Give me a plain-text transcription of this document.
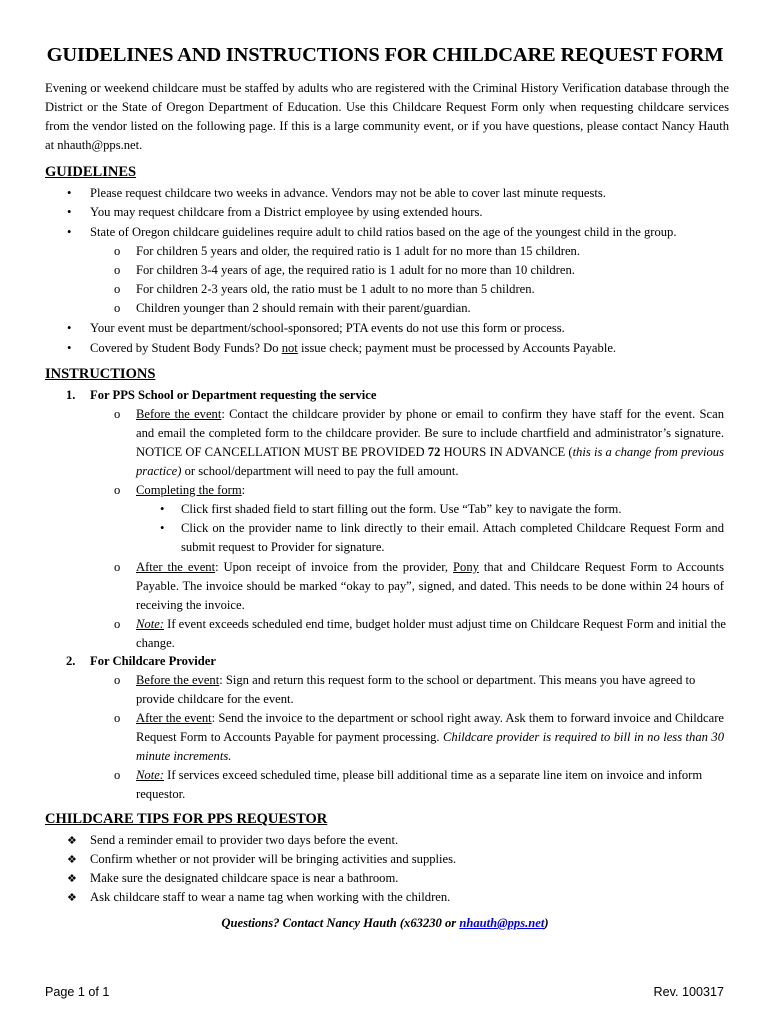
GUIDELINES AND INSTRUCTIONS FOR CHILDCARE REQUEST FORM

Evening or weekend childcare must be staffed by adults who are registered with the Criminal History Verification database through the District or the State of Oregon Department of Education. Use this Childcare Request Form only when requesting childcare services from the vendor listed on the following page. If this is a large community event, or if you have questions, please contact Nancy Hauth at nhauth@pps.net.

GUIDELINES
• Please request childcare two weeks in advance. Vendors may not be able to cover last minute requests.
• You may request childcare from a District employee by using extended hours.
• State of Oregon childcare guidelines require adult to child ratios based on the age of the youngest child in the group.
o For children 5 years and older, the required ratio is 1 adult for no more than 15 children.
o For children 3-4 years of age, the required ratio is 1 adult for no more than 10 children.
o For children 2-3 years old, the ratio must be 1 adult to no more than 5 children.
o Children younger than 2 should remain with their parent/guardian.
• Your event must be department/school-sponsored; PTA events do not use this form or process.
• Covered by Student Body Funds? Do not issue check; payment must be processed by Accounts Payable.
INSTRUCTIONS
1. For PPS School or Department requesting the service
o Before the event: Contact the childcare provider by phone or email to confirm they have staff for the event. Scan and email the completed form to the childcare provider. Be sure to include chartfield and administrator’s signature. NOTICE OF CANCELLATION MUST BE PROVIDED 72 HOURS IN ADVANCE (this is a change from previous practice) or school/department will need to pay the full amount.
o Completing the form:
• Click first shaded field to start filling out the form. Use “Tab” key to navigate the form.
• Click on the provider name to link directly to their email. Attach completed Childcare Request Form and submit request to Provider for signature.
o After the event: Upon receipt of invoice from the provider, Pony that and Childcare Request Form to Accounts Payable. The invoice should be marked “okay to pay”, signed, and dated. This needs to be done within 24 hours of receiving the invoice.
o Note: If event exceeds scheduled end time, budget holder must adjust time on Childcare Request Form and initial the change.
2. For Childcare Provider
o Before the event: Sign and return this request form to the school or department. This means you have agreed to provide childcare for the event.
o After the event: Send the invoice to the department or school right away. Ask them to forward invoice and Childcare Request Form to Accounts Payable for payment processing. Childcare provider is required to bill in no less than 30 minute increments.
o Note: If services exceed scheduled time, please bill additional time as a separate line item on invoice and inform requestor.
CHILDCARE TIPS FOR PPS REQUESTOR
❖ Send a reminder email to provider two days before the event.
❖ Confirm whether or not provider will be bringing activities and supplies.
❖ Make sure the designated childcare space is near a bathroom.
❖ Ask childcare staff to wear a name tag when working with the children.
Questions? Contact Nancy Hauth (x63230 or nhauth@pps.net)
Page 1 of 1	Rev. 100317
